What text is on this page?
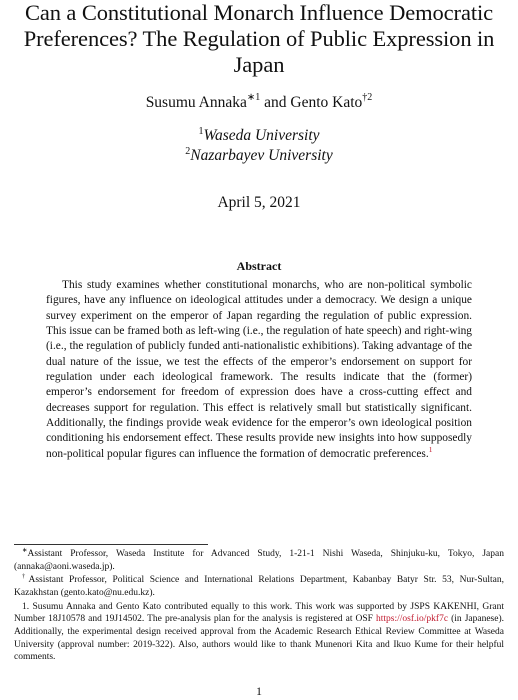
Can a Constitutional Monarch Influence Democratic Preferences? The Regulation of Public Expression in Japan
Susumu Annaka$^{∗1}$ and Gento Kato$^{\dagger 2}$
$^1$Waseda University
$^2$Nazarbayev University
April 5, 2021
Abstract
This study examines whether constitutional monarchs, who are non-political symbolic figures, have any influence on ideological attitudes under a democracy. We design a unique survey experiment on the emperor of Japan regarding the regulation of public expression. This issue can be framed both as left-wing (i.e., the regulation of hate speech) and right-wing (i.e., the regulation of publicly funded anti-nationalistic exhibitions). Taking advantage of the dual nature of the issue, we test the effects of the emperor’s endorsement on support for regulation under each ideological framework. The results indicate that the (former) emperor’s endorsement for freedom of expression does have a cross-cutting effect and decreases support for regulation. This effect is relatively small but statistically significant. Additionally, the findings provide weak evidence for the emperor’s own ideological position conditioning his endorsement effect. These results provide new insights into how supposedly non-political popular figures can influence the formation of democratic preferences.$^1$

∗Assistant Professor, Waseda Institute for Advanced Study, 1-21-1 Nishi Waseda, Shinjuku-ku, Tokyo, Japan (annaka@aoni.waseda.jp).

†Assistant Professor, Political Science and International Relations Department, Kabanbay Batyr Str. 53, Nur-Sultan, Kazakhstan (gento.kato@nu.edu.kz).

1. Susumu Annaka and Gento Kato contributed equally to this work. This work was supported by JSPS KAKENHI, Grant Number 18J10578 and 19J14502. The pre-analysis plan for the analysis is registered at OSF https://osf.io/pkf7c (in Japanese). Additionally, the experimental design received approval from the Academic Research Ethical Review Committee at Waseda University (approval number: 2019-322). Also, authors would like to thank Munenori Kita and Ikuo Kume for their helpful comments.

1
